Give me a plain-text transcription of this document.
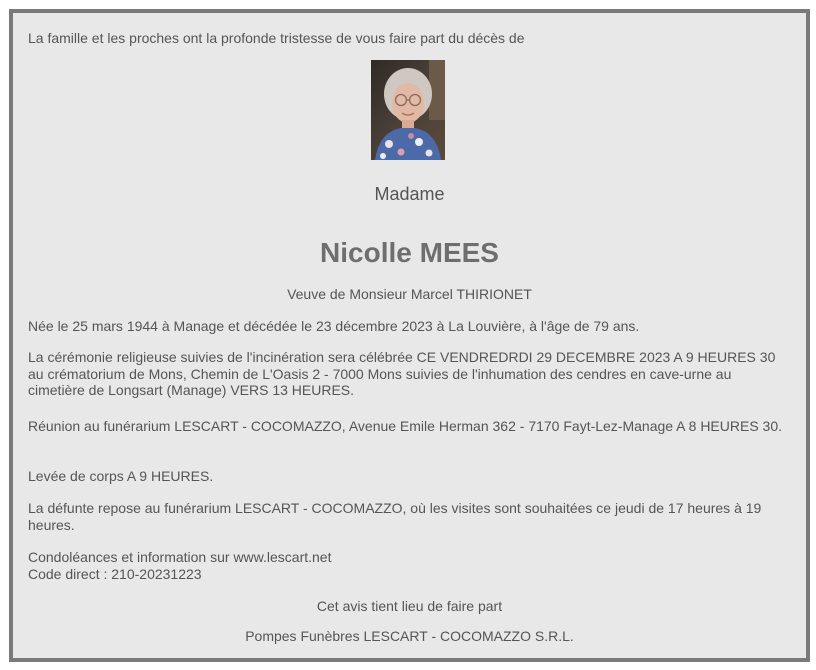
La famille et les proches ont la profonde tristesse de vous faire part du décès de
Madame
Nicolle MEES
Veuve de Monsieur Marcel THIRIONET
Née le 25 mars 1944 à Manage et décédée le 23 décembre 2023 à La Louvière, à l'âge de 79 ans.
La cérémonie religieuse suivies de l'incinération sera célébrée CE VENDREDRDI 29 DECEMBRE 2023 A 9 HEURES 30 au crématorium de Mons, Chemin de L'Oasis 2 - 7000 Mons suivies de l'inhumation des cendres en cave-urne au cimetière de Longsart (Manage) VERS 13 HEURES.
Réunion au funérarium LESCART - COCOMAZZO, Avenue Emile Herman 362 - 7170 Fayt-Lez-Manage A 8 HEURES 30.
Levée de corps A 9 HEURES.
La défunte repose au funérarium LESCART - COCOMAZZO, où les visites sont souhaitées ce jeudi de 17 heures à 19 heures.
Condoléances et information sur www.lescart.net
Code direct : 210-20231223
Cet avis tient lieu de faire part
Pompes Funèbres LESCART - COCOMAZZO S.R.L.
